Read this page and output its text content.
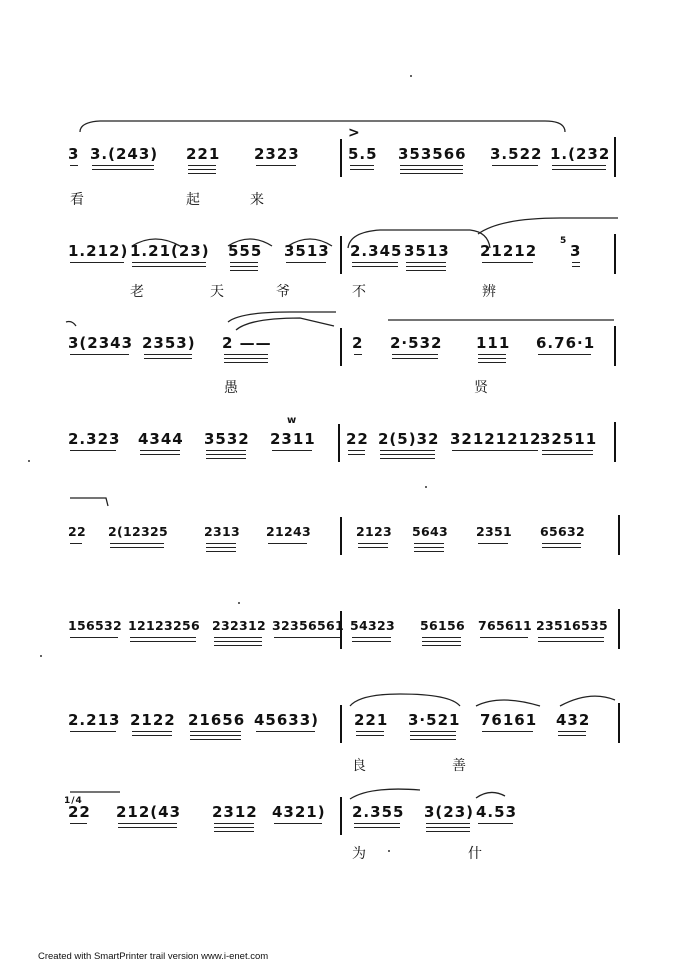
3 3.(243) 221 2323	5.5 353566 3.522 1.(232
看	起	来
1.212) 1.21(23) 555 3513 2.345 3513 21212 3
老	天	爷	不	辨
3(2343 2353) 2 ——	2 2·532 111 6.76·1
愚	贤
2.323 4344 3532 2311 22 2(5)32 32121212
32511
22 2(12325	2313 21243	2123 5643 2351 65632
156532 12123256 232312 32356561 54323 56156 765611 23516535
2.213 2122 21656 45633) 221 3·521 76161 432
良	善
22 212(43 2312 4321) 2.355 3(23) 4.53
为	什
>
5
1/4
w
Created with SmartPrinter trail version www.i-enet.com
